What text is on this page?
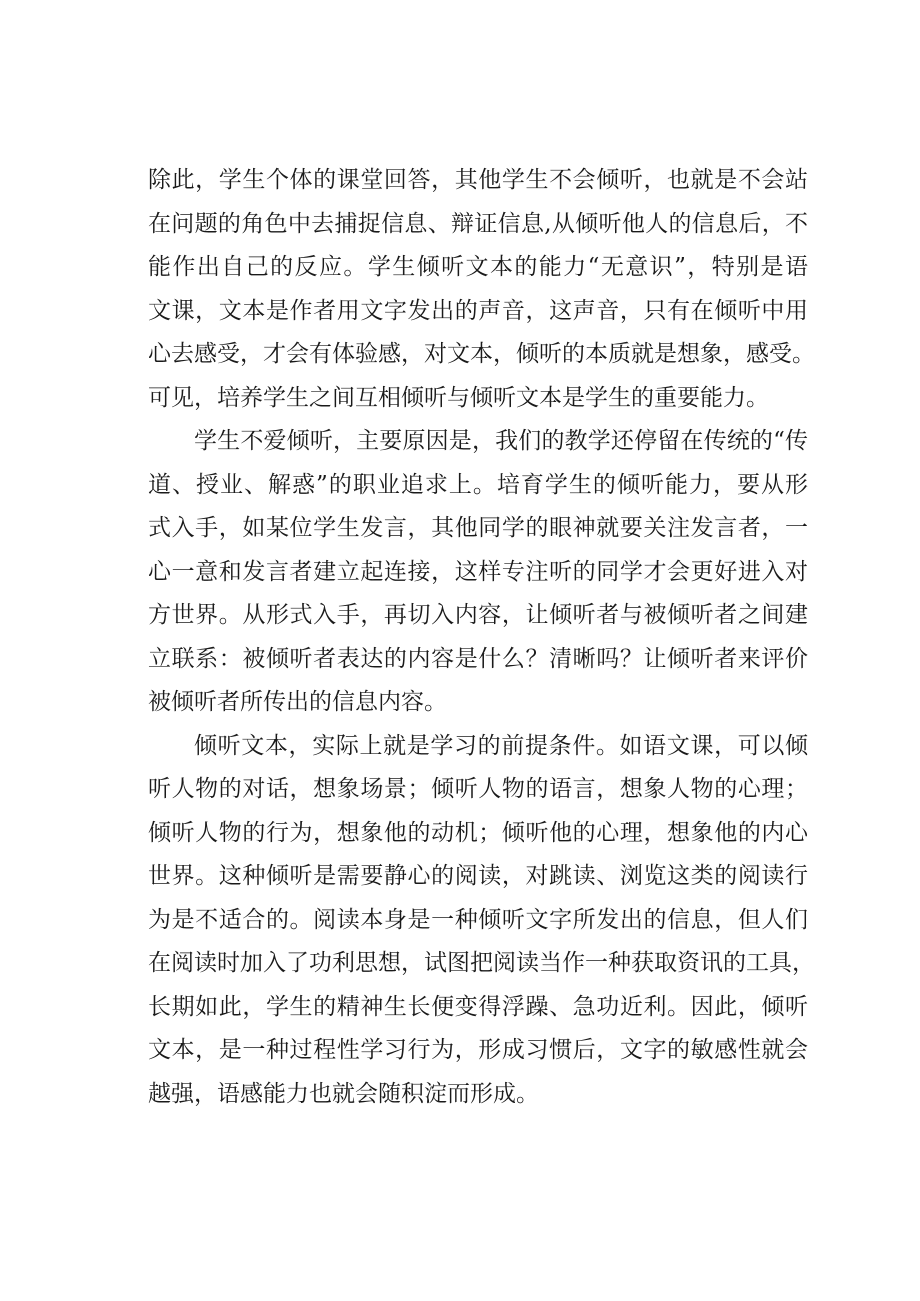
除此，学生个体的课堂回答，其他学生不会倾听，也就是不会站
在问题的角色中去捕捉信息、辩证信息,从倾听他人的信息后，不
能作出自己的反应。学生倾听文本的能力“无意识”，特别是语
文课，文本是作者用文字发出的声音，这声音，只有在倾听中用
心去感受，才会有体验感，对文本，倾听的本质就是想象，感受。
可见，培养学生之间互相倾听与倾听文本是学生的重要能力。
学生不爱倾听，主要原因是，我们的教学还停留在传统的“传
道、授业、解惑”的职业追求上。培育学生的倾听能力，要从形
式入手，如某位学生发言，其他同学的眼神就要关注发言者，一
心一意和发言者建立起连接，这样专注听的同学才会更好进入对
方世界。从形式入手，再切入内容，让倾听者与被倾听者之间建
立联系：被倾听者表达的内容是什么？清晰吗？让倾听者来评价
被倾听者所传出的信息内容。
倾听文本，实际上就是学习的前提条件。如语文课，可以倾
听人物的对话，想象场景；倾听人物的语言，想象人物的心理；
倾听人物的行为，想象他的动机；倾听他的心理，想象他的内心
世界。这种倾听是需要静心的阅读，对跳读、浏览这类的阅读行
为是不适合的。阅读本身是一种倾听文字所发出的信息，但人们
在阅读时加入了功利思想，试图把阅读当作一种获取资讯的工具，
长期如此，学生的精神生长便变得浮躁、急功近利。因此，倾听
文本，是一种过程性学习行为，形成习惯后，文字的敏感性就会
越强，语感能力也就会随积淀而形成。
